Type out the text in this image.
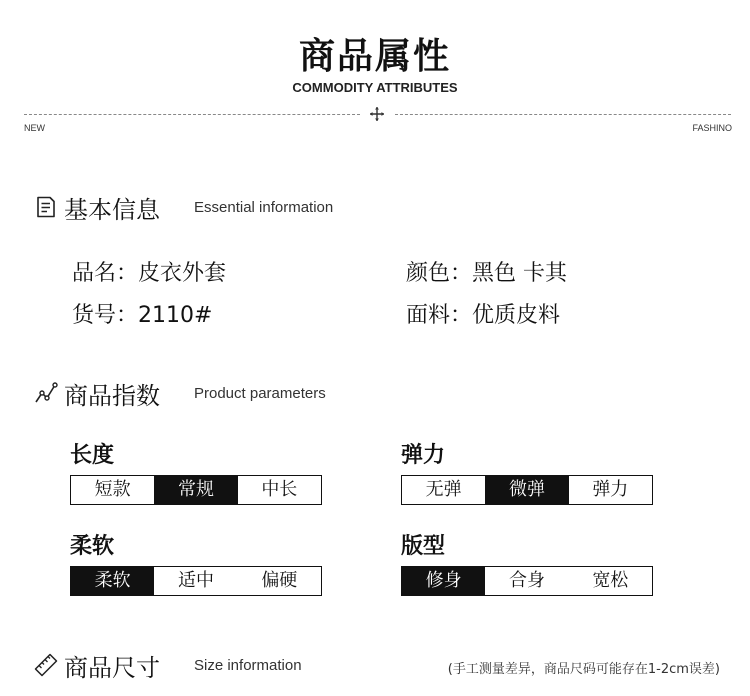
商品属性
COMMODITY ATTRIBUTES
NEW	FASHINO
基本信息 Essential information
品名：皮衣外套	颜色：黑色 卡其
货号：2110#	面料：优质皮料
商品指数 Product parameters
长度
短款	常规	中长
弹力
无弹	微弹	弹力
柔软
柔软	适中	偏硬
版型
修身	合身	宽松
商品尺寸 Size information	(手工测量差异，商品尺码可能存在1-2cm误差)
